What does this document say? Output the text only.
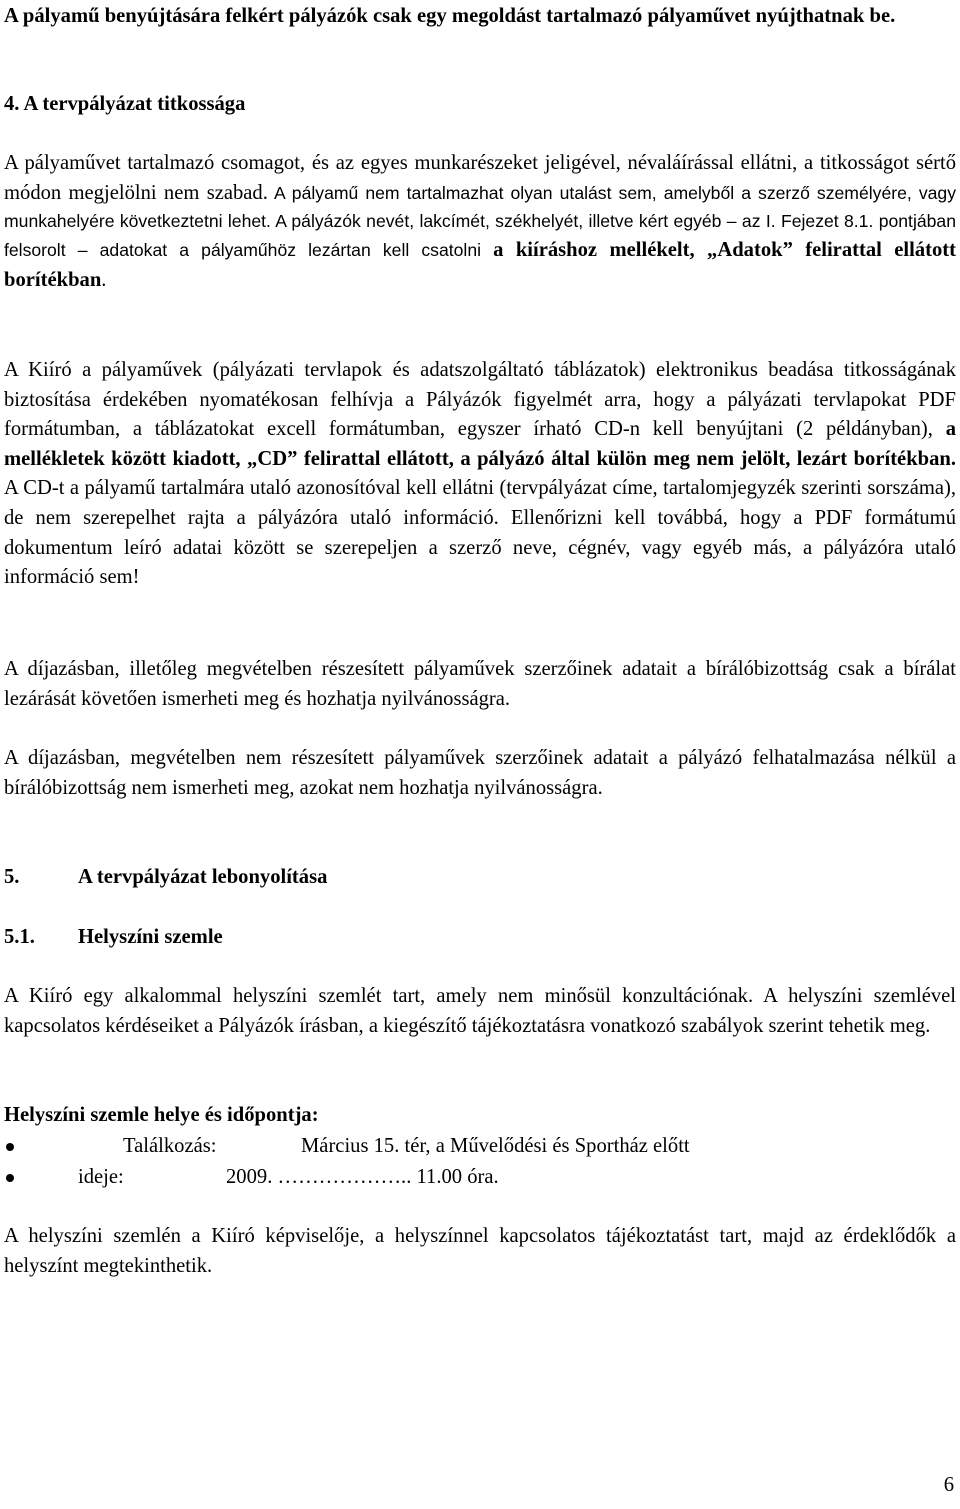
A pályamű benyújtására felkért pályázók csak egy megoldást tartalmazó pályaművet nyújthatnak be.

4. A tervpályázat titkossága

A pályaművet tartalmazó csomagot, és az egyes munkarészeket jeligével, névaláírással ellátni, a titkosságot sértő módon megjelölni nem szabad. A pályamű nem tartalmazhat olyan utalást sem, amelyből a szerző személyére, vagy munkahelyére következtetni lehet. A pályázók nevét, lakcímét, székhelyét, illetve kért egyéb – az I. Fejezet 8.1. pontjában felsorolt – adatokat a pályaműhöz lezártan kell csatolni a kiíráshoz mellékelt, „Adatok” felirattal ellátott borítékban.

A Kiíró a pályaművek (pályázati tervlapok és adatszolgáltató táblázatok) elektronikus beadása titkosságának biztosítása érdekében nyomatékosan felhívja a Pályázók figyelmét arra, hogy a pályázati tervlapokat PDF formátumban, a táblázatokat excell formátumban, egyszer írható CD-n kell benyújtani (2 példányban), a mellékletek között kiadott, „CD” felirattal ellátott, a pályázó által külön meg nem jelölt, lezárt borítékban. A CD-t a pályamű tartalmára utaló azonosítóval kell ellátni (tervpályázat címe, tartalomjegyzék szerinti sorszáma), de nem szerepelhet rajta a pályázóra utaló információ. Ellenőrizni kell továbbá, hogy a PDF formátumú dokumentum leíró adatai között se szerepeljen a szerző neve, cégnév, vagy egyéb más, a pályázóra utaló információ sem!

A díjazásban, illetőleg megvételben részesített pályaművek szerzőinek adatait a bírálóbizottság csak a bírálat lezárását követően ismerheti meg és hozhatja nyilvánosságra.

A díjazásban, megvételben nem részesített pályaművek szerzőinek adatait a pályázó felhatalmazása nélkül a bírálóbizottság nem ismerheti meg, azokat nem hozhatja nyilvánosságra.

5.	A tervpályázat lebonyolítása
5.1. Helyszíni szemle

A Kiíró egy alkalommal helyszíni szemlét tart, amely nem minősül konzultációnak. A helyszíni szemlével kapcsolatos kérdéseiket a Pályázók írásban, a kiegészítő tájékoztatásra vonatkozó szabályok szerint tehetik meg.

Helyszíni szemle helye és időpontja:

Találkozás:	Március 15. tér, a Művelődési és Sportház előtt
ideje:	2009. ……………….. 11.00 óra.

A helyszíni szemlén a Kiíró képviselője, a helyszínnel kapcsolatos tájékoztatást tart, majd az érdeklődők a helyszínt megtekinthetik.

6
